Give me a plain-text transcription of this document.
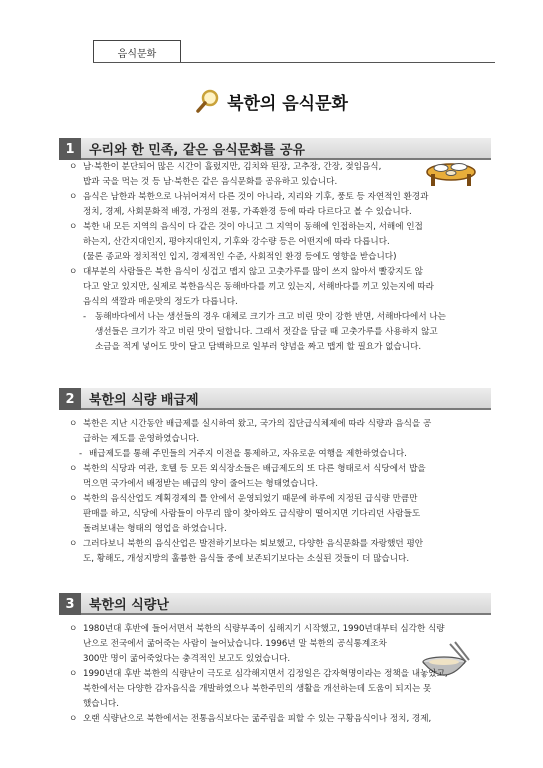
음식문화
북한의 음식문화
1	우리와 한 민족, 같은 음식문화를 공유
ㅇ 남·북한이 분단되어 많은 시간이 흘렀지만, 김치와 된장, 고추장, 간장, 젖임음식,
밥과 국을 먹는 것 등 남·북한은 같은 음식문화를 공유하고 있습니다.
ㅇ 음식은 남한과 북한으로 나뉘어져서 다른 것이 아니라, 지리와 기후, 풍토 등 자연적인 환경과
정치, 경제, 사회문화적 배경, 가정의 전통, 가족환경 등에 따라 다르다고 볼 수 있습니다.
ㅇ 북한 내 모든 지역의 음식이 다 같은 것이 아니고 그 지역이 동해에 인접하는지, 서해에 인접
하는지, 산간지대인지, 평야지대인지, 기후와 강수량 등은 어떤지에 따라 다릅니다.
(물론 종교와 정치적인 입지, 경제적인 수준, 사회적인 환경 등에도 영향을 받습니다)
ㅇ 대부분의 사람들은 북한 음식이 싱겁고 맵지 않고 고춧가루를 많이 쓰지 않아서 빨갛지도 않
다고 알고 있지만, 실제로 북한음식은 동해바다를 끼고 있는지, 서해바다를 끼고 있는지에 따라
음식의 색깔과 매운맛의 정도가 다릅니다.
- 동해바다에서 나는 생선들의 경우 대체로 크기가 크고 비린 맛이 강한 반면, 서해바다에서 나는
생선들은 크기가 작고 비린 맛이 덜합니다. 그래서 젓갈을 담글 때 고춧가루를 사용하지 않고
소금을 적게 넣어도 맛이 달고 담백하므로 일부러 양념을 짜고 맵게 할 필요가 없습니다.
2	북한의 식량 배급제
ㅇ 북한은 지난 시간동안 배급제를 실시하여 왔고, 국가의 집단급식체제에 따라 식량과 음식을 공
급하는 제도를 운영하였습니다.
- 배급제도를 통해 주민들의 거주지 이전을 통제하고, 자유로운 여행을 제한하였습니다.
ㅇ 북한의 식당과 여관, 호텔 등 모든 외식장소들은 배급제도의 또 다른 형태로서 식당에서 밥을
먹으면 국가에서 배정받는 배급의 양이 줄어드는 형태였습니다.
ㅇ 북한의 음식산업도 계획경제의 틀 안에서 운영되었기 때문에 하루에 지정된 급식량 만큼만
판매를 하고, 식당에 사람들이 아무리 많이 찾아와도 급식량이 떨어지면 기다리던 사람들도
돌려보내는 형태의 영업을 하였습니다.
ㅇ 그러다보니 북한의 음식산업은 발전하기보다는 퇴보했고, 다양한 음식문화를 자랑했던 평안
도, 황해도, 개성지방의 훌륭한 음식들 중에 보존되기보다는 소실된 것들이 더 많습니다.
3	북한의 식량난
ㅇ 1980년대 후반에 들어서면서 북한의 식량부족이 심해지기 시작했고, 1990년대부터 심각한 식량
난으로 전국에서 굶어죽는 사람이 늘어났습니다. 1996년 말 북한의 공식통계조차
300만 명이 굶어죽었다는 충격적인 보고도 있었습니다.
ㅇ 1990년대 후반 북한의 식량난이 극도로 심각해지면서 김정일은 감자혁명이라는 정책을 내놓았고,
북한에서는 다양한 감자음식을 개발하였으나 북한주민의 생활을 개선하는데 도움이 되지는 못
했습니다.
ㅇ 오랜 식량난으로 북한에서는 전통음식보다는 굶주림을 피할 수 있는 구황음식이나 정치, 경제,
